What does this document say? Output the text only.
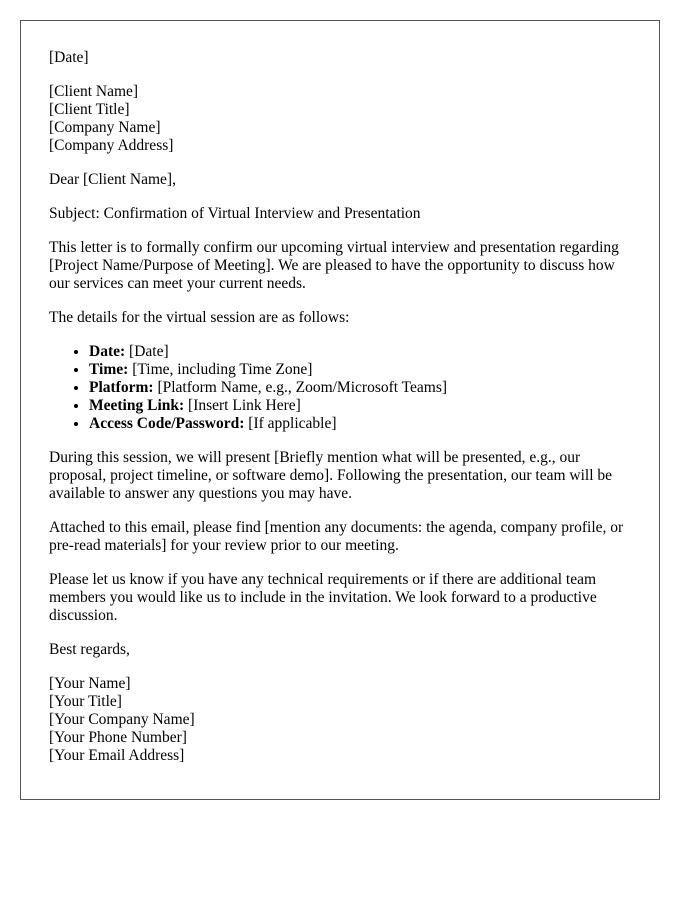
[Date]

[Client Name]
[Client Title]
[Company Name]
[Company Address]

Dear [Client Name],

Subject: Confirmation of Virtual Interview and Presentation

This letter is to formally confirm our upcoming virtual interview and presentation regarding [Project Name/Purpose of Meeting]. We are pleased to have the opportunity to discuss how our services can meet your current needs.

The details for the virtual session are as follows:

• Date: [Date]
• Time: [Time, including Time Zone]
• Platform: [Platform Name, e.g., Zoom/Microsoft Teams]
• Meeting Link: [Insert Link Here]
• Access Code/Password: [If applicable]

During this session, we will present [Briefly mention what will be presented, e.g., our proposal, project timeline, or software demo]. Following the presentation, our team will be available to answer any questions you may have.

Attached to this email, please find [mention any documents: the agenda, company profile, or pre-read materials] for your review prior to our meeting.

Please let us know if you have any technical requirements or if there are additional team members you would like us to include in the invitation. We look forward to a productive discussion.

Best regards,

[Your Name]
[Your Title]
[Your Company Name]
[Your Phone Number]
[Your Email Address]
